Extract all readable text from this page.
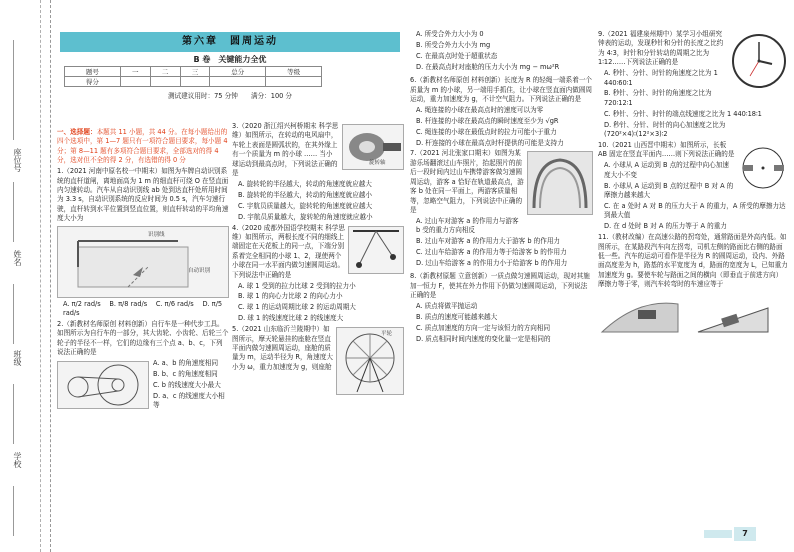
座位号
姓名
班级
学校
第六章　圆周运动
B 卷　关键能力全优
题号	一	二	三	总分	等级
得分					
测试建议用时：75 分钟　　满分：100 分

一、选择题：本题共 11 小题，共 44 分。在每小题给出的四个选项中，第 1—7 题只有一项符合题目要求，每小题 4 分；第 8—11 题有多项符合题目要求，全部选对的得 4 分，选对但不全的得 2 分，有选错的得 0 分

1.（2021 河南中原名校一中期末）如图为车牌自动识别系统的直杆道闸，离地面高为 1 m 的细直杆可绕 O 在竖直面内匀速转动。汽车从自动识别线 ab 处到达直杆处所用时间为 3.3 s，自动识别系统的反应时间为 0.5 s，汽车匀速行驶，直杆转到水平位置到竖直位置，则直杆转动的平均角速度大小为

识别线
自动识别

A. π/2 rad/s　 B. π/8 rad/s　 C. π/6 rad/s　 D. π/5 rad/s

2.（新教材名师原创 材料创新）自行车是一种代步工具。如图所示为自行车的一部分，其大齿轮、小齿轮、后轮三个轮子的半径不一样，它们的边缘有三个点 a、b、c，下列说法正确的是

A. a、b 的角速度相同

B. b、c 的角速度相同

C. b 的线速度大小最大

D. a、c 的线速度大小相等

旋转轴

3.（2020 浙江绍兴柯桥期末 科学思维）如图所示，在转动的电风扇中，车轮上表面是圆弧状的，在其外缘上有一个质量为 m 的小球 …… 当小球运动到最高点时，下列说法正确的是

A. 旋转轮的半径越大，转动的角速度就应越大

B. 旋转轮的半径越大，转动的角速度就应越小

C. 宇航员质量越大，旋转轮的角速度就应越大

D. 宇航员质量越大，旋转轮的角速度就应越小

4.（2020 成都外国语学校期末 科学思维）如图所示，两根长度不同的细线上端固定在天花板上的同一点，下端分别系着完全相同的小球 1、2，现使两个小球在同一水平面内做匀速圆周运动。下列说法中正确的是

A. 球 1 受到的拉力比球 2 受到的拉力小

B. 球 1 的向心力比球 2 的向心力小

C. 球 1 的运动周期比球 2 的运动周期大

D. 球 1 的线速度比球 2 的线速度大

平轮

5.（2021 山东临沂兰陵期中）如图所示，摩天轮悬挂的座舱在竖直平面内做匀速圆周运动，座舱的质量为 m，运动半径为 R，角速度大小为 ω，重力加速度为 g，则座舱

A. 所受合外力大小为 0

B. 所受合外力大小为 mg

C. 在最高点时处于超重状态

D. 在最高点时对座舱的压力大小为 mg − mω²R

6.（新教材名师原创 材料创新）长度为 R 的轻绳一端系着一个质量为 m 的小球，另一端用手抓住，让小球在竖直面内做圆周运动，重力加速度为 g，不计空气阻力。下列说法正确的是

A. 绳连接的小球在最高点时的速度可以为零

B. 杆连接的小球在最高点的瞬时速度至少为 √gR

C. 绳连接的小球在最低点时的拉力可能小于重力

D. 杆连接的小球在最高点时杆提供的可能是支持力

7.（2021 河北张家口期末）如图为某游乐场翻滚过山车照片，抬起照片的前后一段时间内过山车携带游客做匀速圆周运动，游客 a 恰好在轨道最高点，游客 b 处在同一平面上，两游客质量相等，忽略空气阻力，下列说法中正确的是

A. 过山车对游客 a 的作用力与游客 b 受的重力方向相反

B. 过山车对游客 a 的作用力大于游客 b 的作用力

C. 过山车给游客 a 的作用力等于给游客 b 的作用力

D. 过山车给游客 a 的作用力小于给游客 b 的作用力

8.（新教材原题 立意创新）一质点做匀速圆周运动，现对其施加一恒力 F，使其在外力作用下仍做匀速圆周运动，下列说法正确的是

A. 质点将做平抛运动

B. 质点的速度可能越来越大

C. 质点加速度的方向一定与该恒力的方向相同

D. 质点相同时间内速度的变化量一定是相同的

9.（2021 福建泉州期中）某学习小组研究钟表的运动，发现秒针和分针的长度之比约为 4∶3，时针和分针转动的周期之比为 1∶12……下列说法正确的是

A. 秒针、分针、时针的角速度之比为 1 440∶60∶1

B. 秒针、分针、时针的角速度之比为 720∶12∶1

C. 秒针、分针、时针的端点线速度之比为 1 440∶18∶1

D. 秒针、分针、时针的向心加速度之比为 (720²×4)∶(12²×3)∶2

10.（2021 山西晋中期末）如图所示，长板 AB 固定在竖直平面内……则下列说法正确的是

A. 小球从 A 运动到 B 点的过程中向心加速度大小不变

B. 小球从 A 运动到 B 点的过程中 B 对 A 的摩擦力越来越大

C. 在 a 处时 A 对 B 的压力大于 A 的重力，A 所受的摩擦力达到最大值

D. 在 d 处时 B 对 A 的压力等于 A 的重力

11.（教材改编）在高速公路的拐弯处，通常路面是外高内低。如图所示，在某路段汽车向左拐弯，司机左侧的路面比右侧的路面低一些。汽车的运动可看作是半径为 R 的圆周运动，设内、外路面高度差为 h，路基的水平宽度为 d，路面的宽度为 L，已知重力加速度为 g。要使车轮与路面之间的横向（即垂直于前进方向）摩擦力等于零，则汽车转弯时的车速应等于

7
